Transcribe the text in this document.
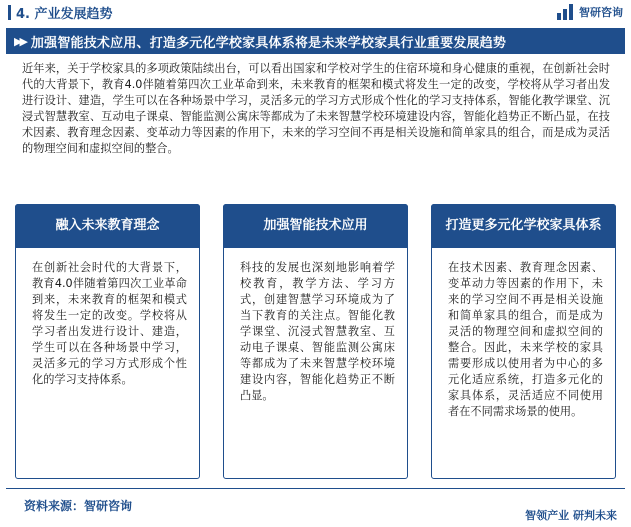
4. 产业发展趋势	智研咨询
▶▶ 加强智能技术应用、打造多元化学校家具体系将是未来学校家具行业重要发展趋势

近年来，关于学校家具的多项政策陆续出台，可以看出国家和学校对学生的住宿环境和身心健康的重视，在创新社会时代的大背景下，教育4.0伴随着第四次工业革命到来，未来教育的框架和模式将发生一定的改变，学校将从学习者出发进行设计、建造，学生可以在各种场景中学习，灵活多元的学习方式形成个性化的学习支持体系，智能化教学课堂、沉浸式智慧教室、互动电子课桌、智能监测公寓床等都成为了未来智慧学校环境建设内容，智能化趋势正不断凸显，在技术因素、教育理念因素、变革动力等因素的作用下，未来的学习空间不再是相关设施和简单家具的组合，而是成为灵活的物理空间和虚拟空间的整合。

融入未来教育理念

在创新社会时代的大背景下，教育4.0伴随着第四次工业革命到来，未来教育的框架和模式将发生一定的改变。学校将从学习者出发进行设计、建造，学生可以在各种场景中学习，灵活多元的学习方式形成个性化的学习支持体系。

加强智能技术应用

科技的发展也深刻地影响着学校教育，教学方法、学习方式，创建智慧学习环境成为了当下教育的关注点。智能化教学课堂、沉浸式智慧教室、互动电子课桌、智能监测公寓床等都成为了未来智慧学校环境建设内容，智能化趋势正不断凸显。

打造更多元化学校家具体系

在技术因素、教育理念因素、变革动力等因素的作用下，未来的学习空间不再是相关设施和简单家具的组合，而是成为灵活的物理空间和虚拟空间的整合。因此，未来学校的家具需要形成以使用者为中心的多元化适应系统，打造多元化的家具体系，灵活适应不同使用者在不同需求场景的使用。

资料来源：智研咨询
智领产业 研判未来
